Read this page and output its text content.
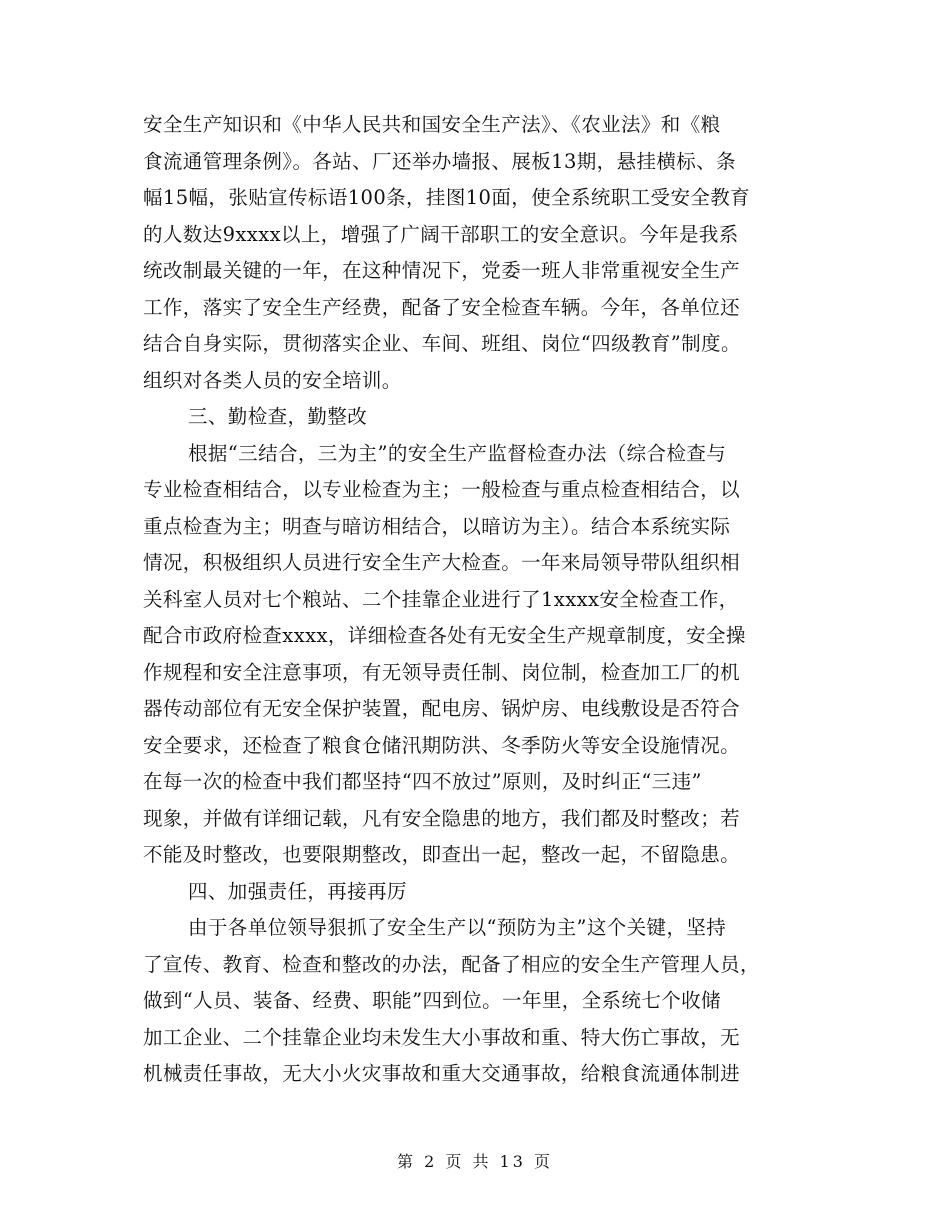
安全生产知识和《中华人民共和国安全生产法》、《农业法》和《粮
食流通管理条例》。各站、厂还举办墙报、展板13期，悬挂横标、条
幅15幅，张贴宣传标语100条，挂图10面，使全系统职工受安全教育
的人数达9xxxx以上，增强了广阔干部职工的安全意识。今年是我系
统改制最关键的一年，在这种情况下，党委一班人非常重视安全生产
工作，落实了安全生产经费，配备了安全检查车辆。今年，各单位还
结合自身实际，贯彻落实企业、车间、班组、岗位“四级教育”制度。
组织对各类人员的安全培训。
三、勤检查，勤整改
根据“三结合，三为主”的安全生产监督检查办法（综合检查与
专业检查相结合，以专业检查为主；一般检查与重点检查相结合，以
重点检查为主；明查与暗访相结合，以暗访为主）。结合本系统实际
情况，积极组织人员进行安全生产大检查。一年来局领导带队组织相
关科室人员对七个粮站、二个挂靠企业进行了1xxxx安全检查工作，
配合市政府检查xxxx，详细检查各处有无安全生产规章制度，安全操
作规程和安全注意事项，有无领导责任制、岗位制，检查加工厂的机
器传动部位有无安全保护装置，配电房、锅炉房、电线敷设是否符合
安全要求，还检查了粮食仓储汛期防洪、冬季防火等安全设施情况。
在每一次的检查中我们都坚持“四不放过”原则，及时纠正“三违”
现象，并做有详细记载，凡有安全隐患的地方，我们都及时整改；若
不能及时整改，也要限期整改，即查出一起，整改一起，不留隐患。
四、加强责任，再接再厉
由于各单位领导狠抓了安全生产以“预防为主”这个关键，坚持
了宣传、教育、检查和整改的办法，配备了相应的安全生产管理人员，
做到“人员、装备、经费、职能”四到位。一年里，全系统七个收储
加工企业、二个挂靠企业均未发生大小事故和重、特大伤亡事故，无
机械责任事故，无大小火灾事故和重大交通事故，给粮食流通体制进
第 2 页 共 13 页
